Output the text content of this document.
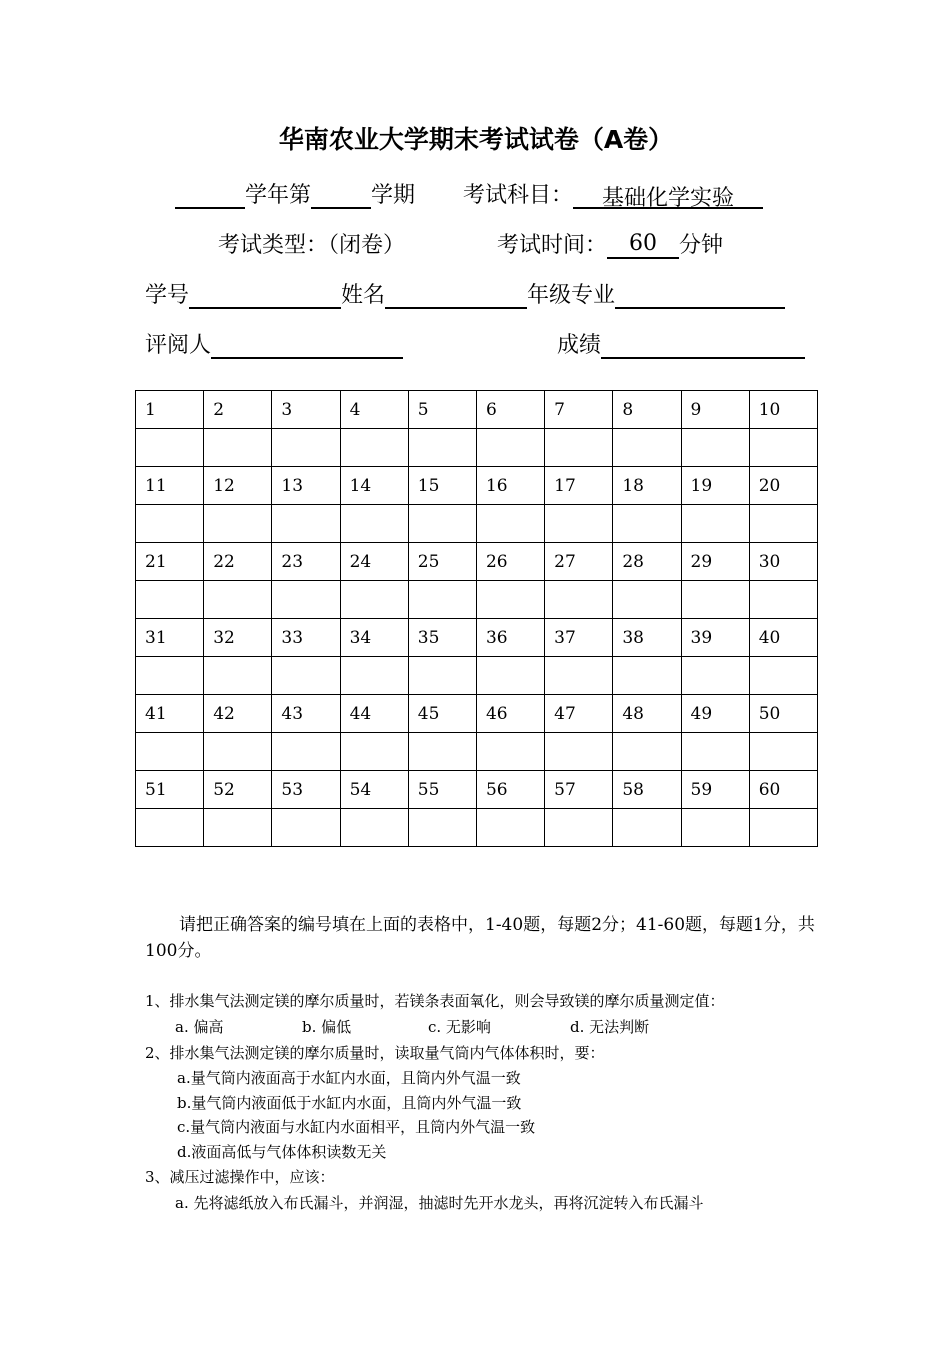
华南农业大学期末考试试卷（A卷）
学年第	学期 考试科目： 基础化学实验
考试类型：（闭卷）	考试时间： 60 分钟
学号	姓名	年级专业
评阅人	成绩
1	2	3	4	5	6	7	8	9	10

11	12	13	14	15	16	17	18	19	20

21	22	23	24	25	26	27	28	29	30

31	32	33	34	35	36	37	38	39	40

41	42	43	44	45	46	47	48	49	50

51	52	53	54	55	56	57	58	59	60

请把正确答案的编号填在上面的表格中，1-40题，每题2分；41-60题，每题1分，共100分。
1、排水集气法测定镁的摩尔质量时，若镁条表面氧化，则会导致镁的摩尔质量测定值：
a. 偏高	b. 偏低	c. 无影响	d. 无法判断
2、排水集气法测定镁的摩尔质量时，读取量气筒内气体体积时，要：
a.量气筒内液面高于水缸内水面，且筒内外气温一致
b.量气筒内液面低于水缸内水面，且筒内外气温一致
c.量气筒内液面与水缸内水面相平，且筒内外气温一致
d.液面高低与气体体积读数无关
3、减压过滤操作中，应该：
a. 先将滤纸放入布氏漏斗，并润湿，抽滤时先开水龙头，再将沉淀转入布氏漏斗
